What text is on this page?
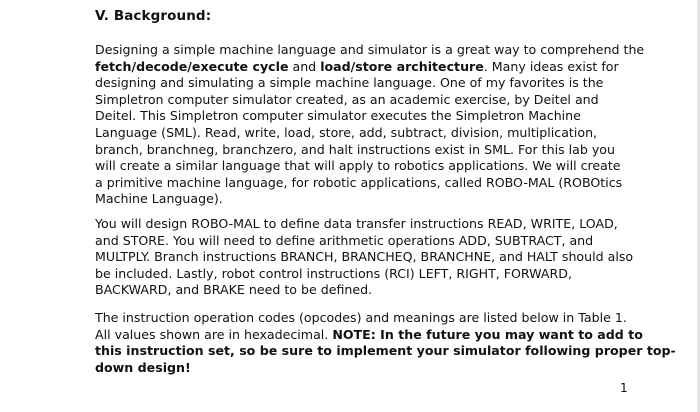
V. Background:

Designing a simple machine language and simulator is a great way to comprehend the
fetch/decode/execute cycle and load/store architecture. Many ideas exist for
designing and simulating a simple machine language. One of my favorites is the
Simpletron computer simulator created, as an academic exercise, by Deitel and
Deitel. This Simpletron computer simulator executes the Simpletron Machine
Language (SML). Read, write, load, store, add, subtract, division, multiplication,
branch, branchneg, branchzero, and halt instructions exist in SML. For this lab you
will create a similar language that will apply to robotics applications. We will create
a primitive machine language, for robotic applications, called ROBO-MAL (ROBOtics
Machine Language).

You will design ROBO-MAL to define data transfer instructions READ, WRITE, LOAD,
and STORE. You will need to define arithmetic operations ADD, SUBTRACT, and
MULTPLY. Branch instructions BRANCH, BRANCHEQ, BRANCHNE, and HALT should also
be included. Lastly, robot control instructions (RCI) LEFT, RIGHT, FORWARD,
BACKWARD, and BRAKE need to be defined.

The instruction operation codes (opcodes) and meanings are listed below in Table 1.
All values shown are in hexadecimal. NOTE: In the future you may want to add to
this instruction set, so be sure to implement your simulator following proper top-
down design!

1
